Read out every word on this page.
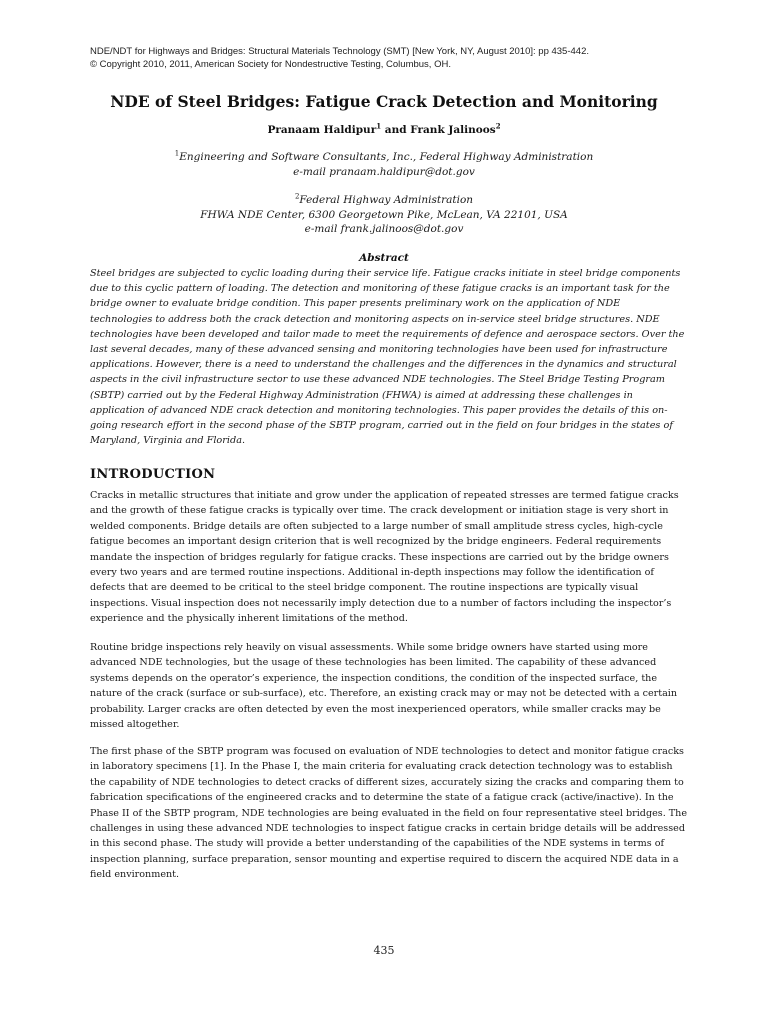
NDE/NDT for Highways and Bridges: Structural Materials Technology (SMT) [New York, NY, August 2010]: pp 435-442.
© Copyright 2010, 2011, American Society for Nondestructive Testing, Columbus, OH.
NDE of Steel Bridges: Fatigue Crack Detection and Monitoring
Pranaam Haldipur$^1$ and Frank Jalinoos$^2$
$^1$Engineering and Software Consultants, Inc., Federal Highway Administration
e-mail pranaam.haldipur@dot.gov
$^2$Federal Highway Administration
FHWA NDE Center, 6300 Georgetown Pike, McLean, VA 22101, USA
e-mail frank.jalinoos@dot.gov
Abstract
Steel bridges are subjected to cyclic loading during their service life. Fatigue cracks initiate in steel bridge components due to this cyclic pattern of loading. The detection and monitoring of these fatigue cracks is an important task for the bridge owner to evaluate bridge condition. This paper presents preliminary work on the application of NDE technologies to address both the crack detection and monitoring aspects on in-service steel bridge structures. NDE technologies have been developed and tailor made to meet the requirements of defence and aerospace sectors. Over the last several decades, many of these advanced sensing and monitoring technologies have been used for infrastructure applications. However, there is a need to understand the challenges and the differences in the dynamics and structural aspects in the civil infrastructure sector to use these advanced NDE technologies. The Steel Bridge Testing Program (SBTP) carried out by the Federal Highway Administration (FHWA) is aimed at addressing these challenges in application of advanced NDE crack detection and monitoring technologies. This paper provides the details of this on-going research effort in the second phase of the SBTP program, carried out in the field on four bridges in the states of Maryland, Virginia and Florida.
INTRODUCTION
Cracks in metallic structures that initiate and grow under the application of repeated stresses are termed fatigue cracks and the growth of these fatigue cracks is typically over time. The crack development or initiation stage is very short in welded components. Bridge details are often subjected to a large number of small amplitude stress cycles, high-cycle fatigue becomes an important design criterion that is well recognized by the bridge engineers. Federal requirements mandate the inspection of bridges regularly for fatigue cracks. These inspections are carried out by the bridge owners every two years and are termed routine inspections. Additional in-depth inspections may follow the identification of defects that are deemed to be critical to the steel bridge component. The routine inspections are typically visual inspections. Visual inspection does not necessarily imply detection due to a number of factors including the inspector’s experience and the physically inherent limitations of the method.
Routine bridge inspections rely heavily on visual assessments. While some bridge owners have started using more advanced NDE technologies, but the usage of these technologies has been limited. The capability of these advanced systems depends on the operator’s experience, the inspection conditions, the condition of the inspected surface, the nature of the crack (surface or sub-surface), etc. Therefore, an existing crack may or may not be detected with a certain probability. Larger cracks are often detected by even the most inexperienced operators, while smaller cracks may be missed altogether.
The first phase of the SBTP program was focused on evaluation of NDE technologies to detect and monitor fatigue cracks in laboratory specimens [1]. In the Phase I, the main criteria for evaluating crack detection technology was to establish the capability of NDE technologies to detect cracks of different sizes, accurately sizing the cracks and comparing them to fabrication specifications of the engineered cracks and to determine the state of a fatigue crack (active/inactive). In the Phase II of the SBTP program, NDE technologies are being evaluated in the field on four representative steel bridges. The challenges in using these advanced NDE technologies to inspect fatigue cracks in certain bridge details will be addressed in this second phase. The study will provide a better understanding of the capabilities of the NDE systems in terms of inspection planning, surface preparation, sensor mounting and expertise required to discern the acquired NDE data in a field environment.
435
